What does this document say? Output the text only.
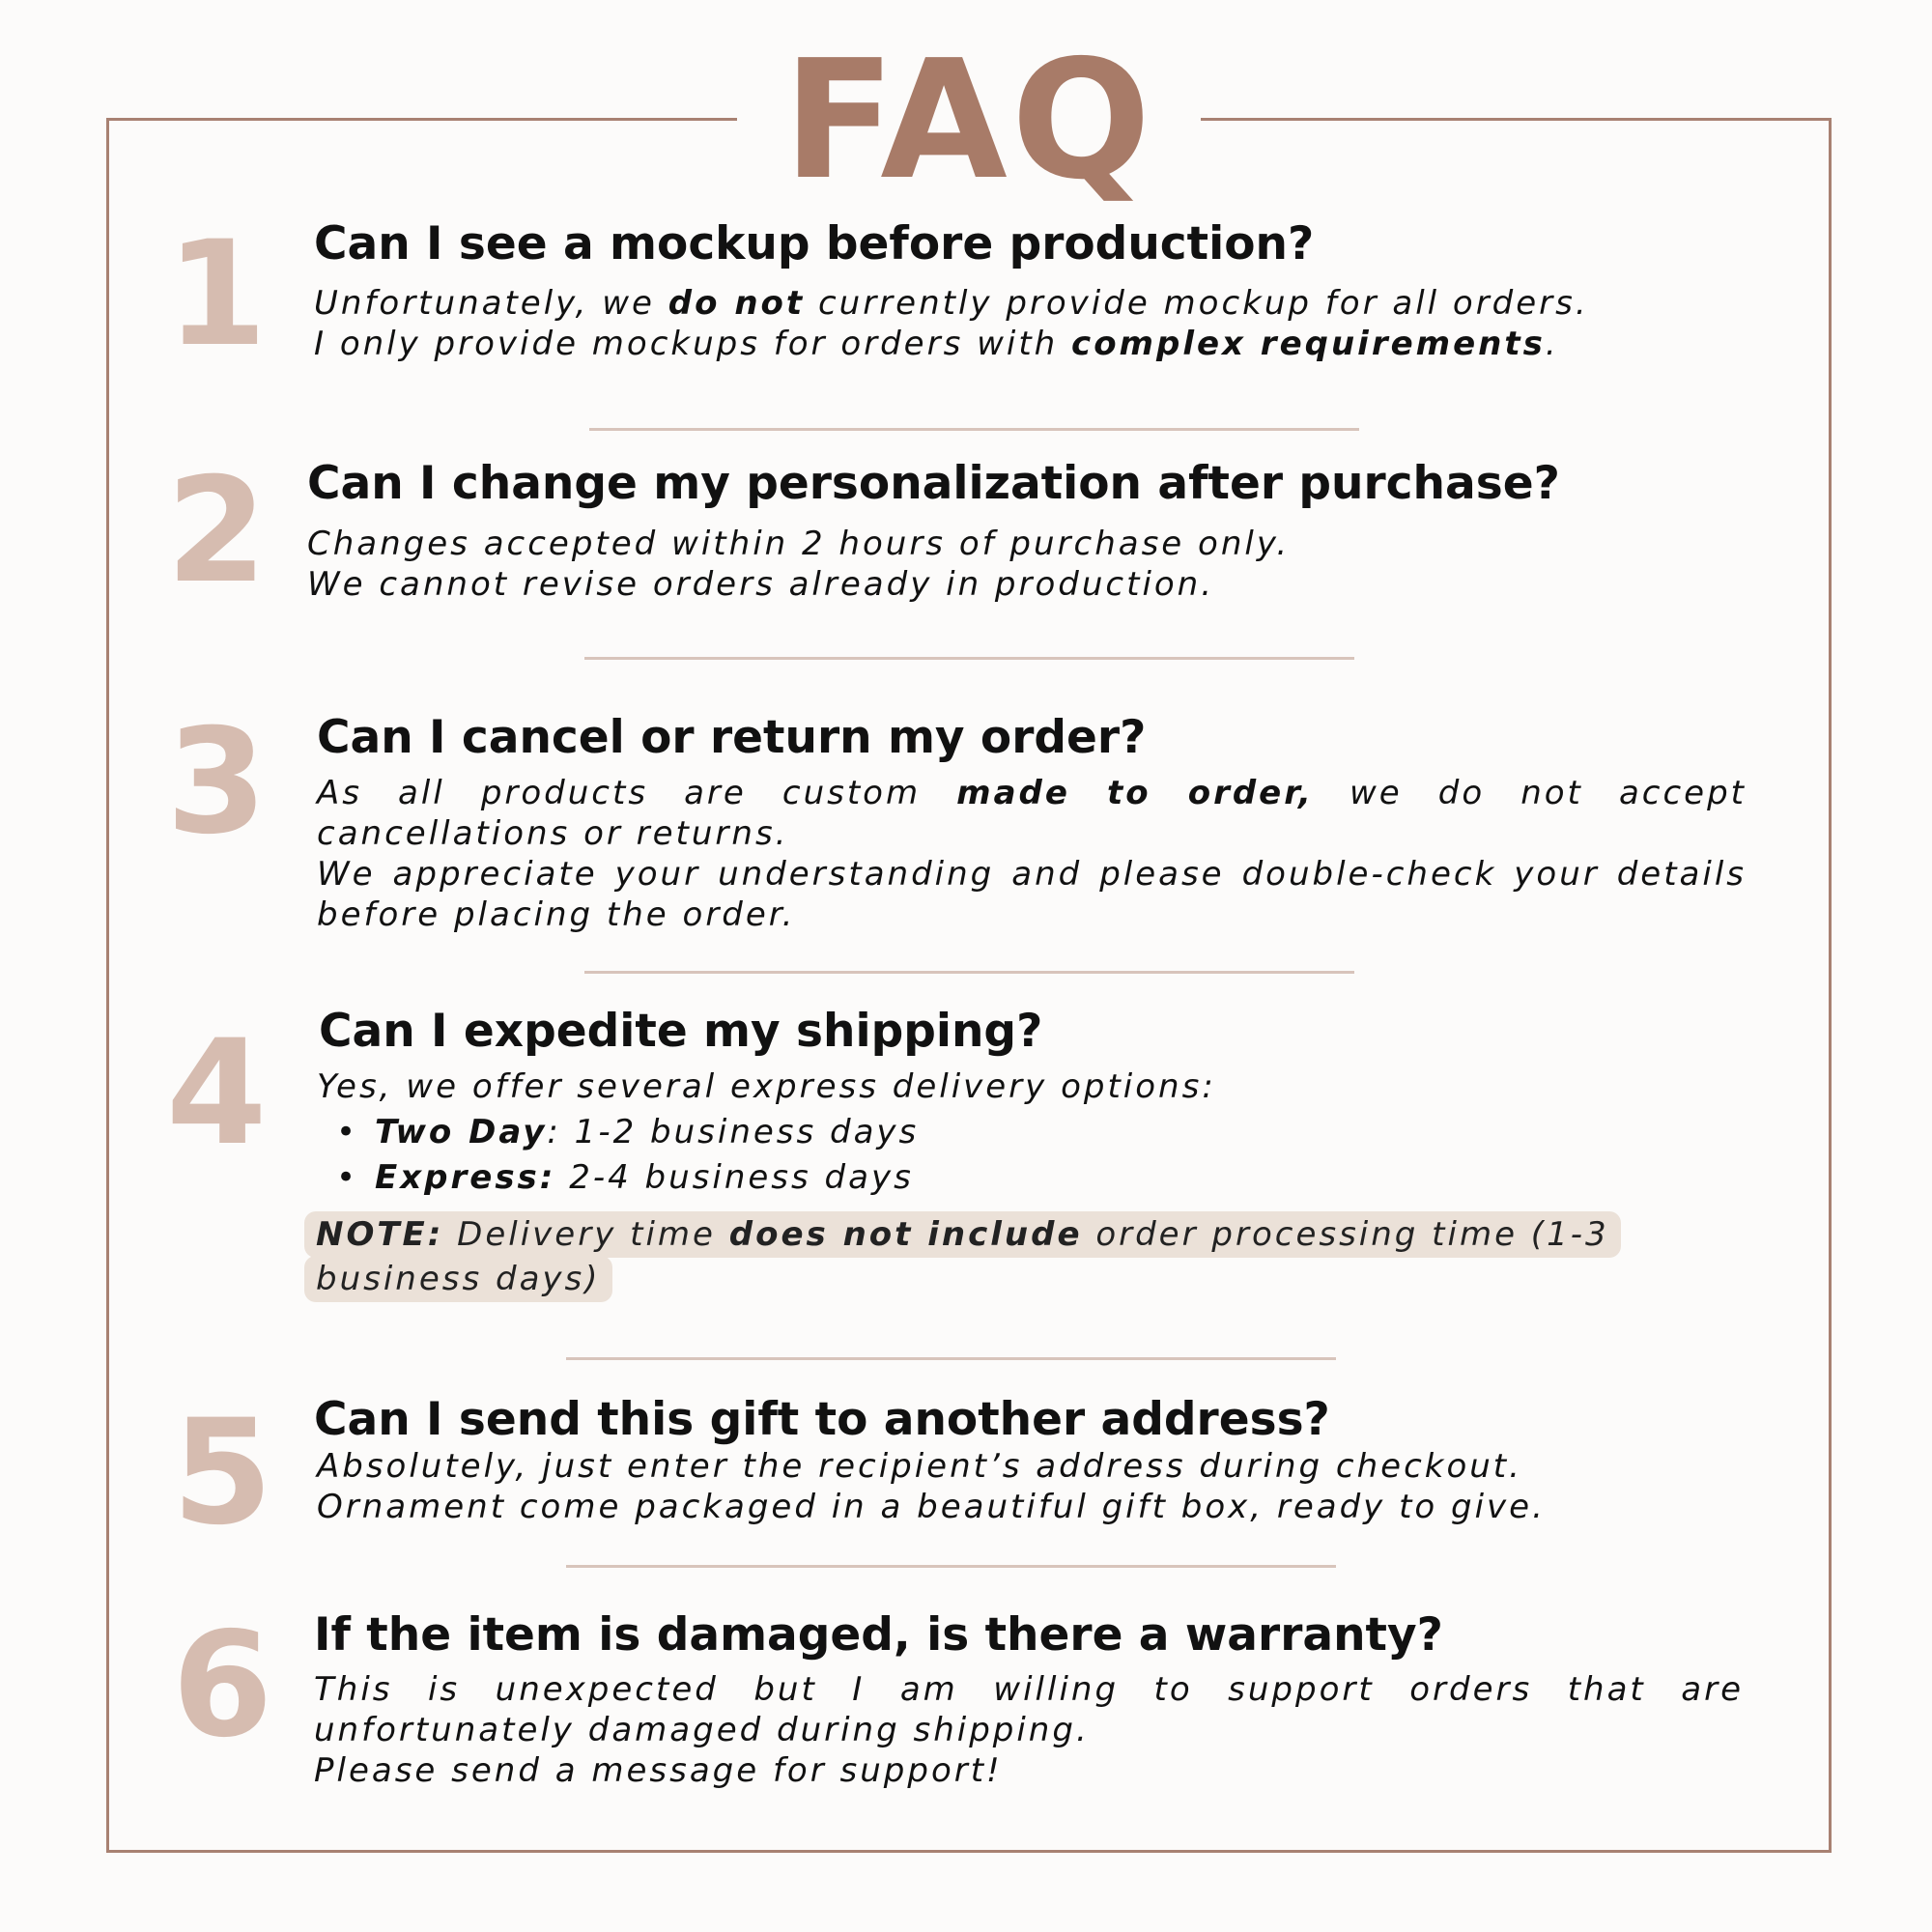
FAQ
1 Can I see a mockup before production?
Unfortunately, we do not currently provide mockup for all orders.
I only provide mockups for orders with complex requirements.
2 Can I change my personalization after purchase?
Changes accepted within 2 hours of purchase only.
We cannot revise orders already in production.
3 Can I cancel or return my order?
As all products are custom made to order, we do not accept cancellations or returns.
We appreciate your understanding and please double-check your details before placing the order.
4 Can I expedite my shipping?
Yes, we offer several express delivery options:
• Two Day: 1-2 business days
• Express: 2-4 business days
NOTE: Delivery time does not include order processing time (1-3 business days)
5 Can I send this gift to another address?
Absolutely, just enter the recipient’s address during checkout.
Ornament come packaged in a beautiful gift box, ready to give.
6 If the item is damaged, is there a warranty?
This is unexpected but I am willing to support orders that are unfortunately damaged during shipping.
Please send a message for support!
